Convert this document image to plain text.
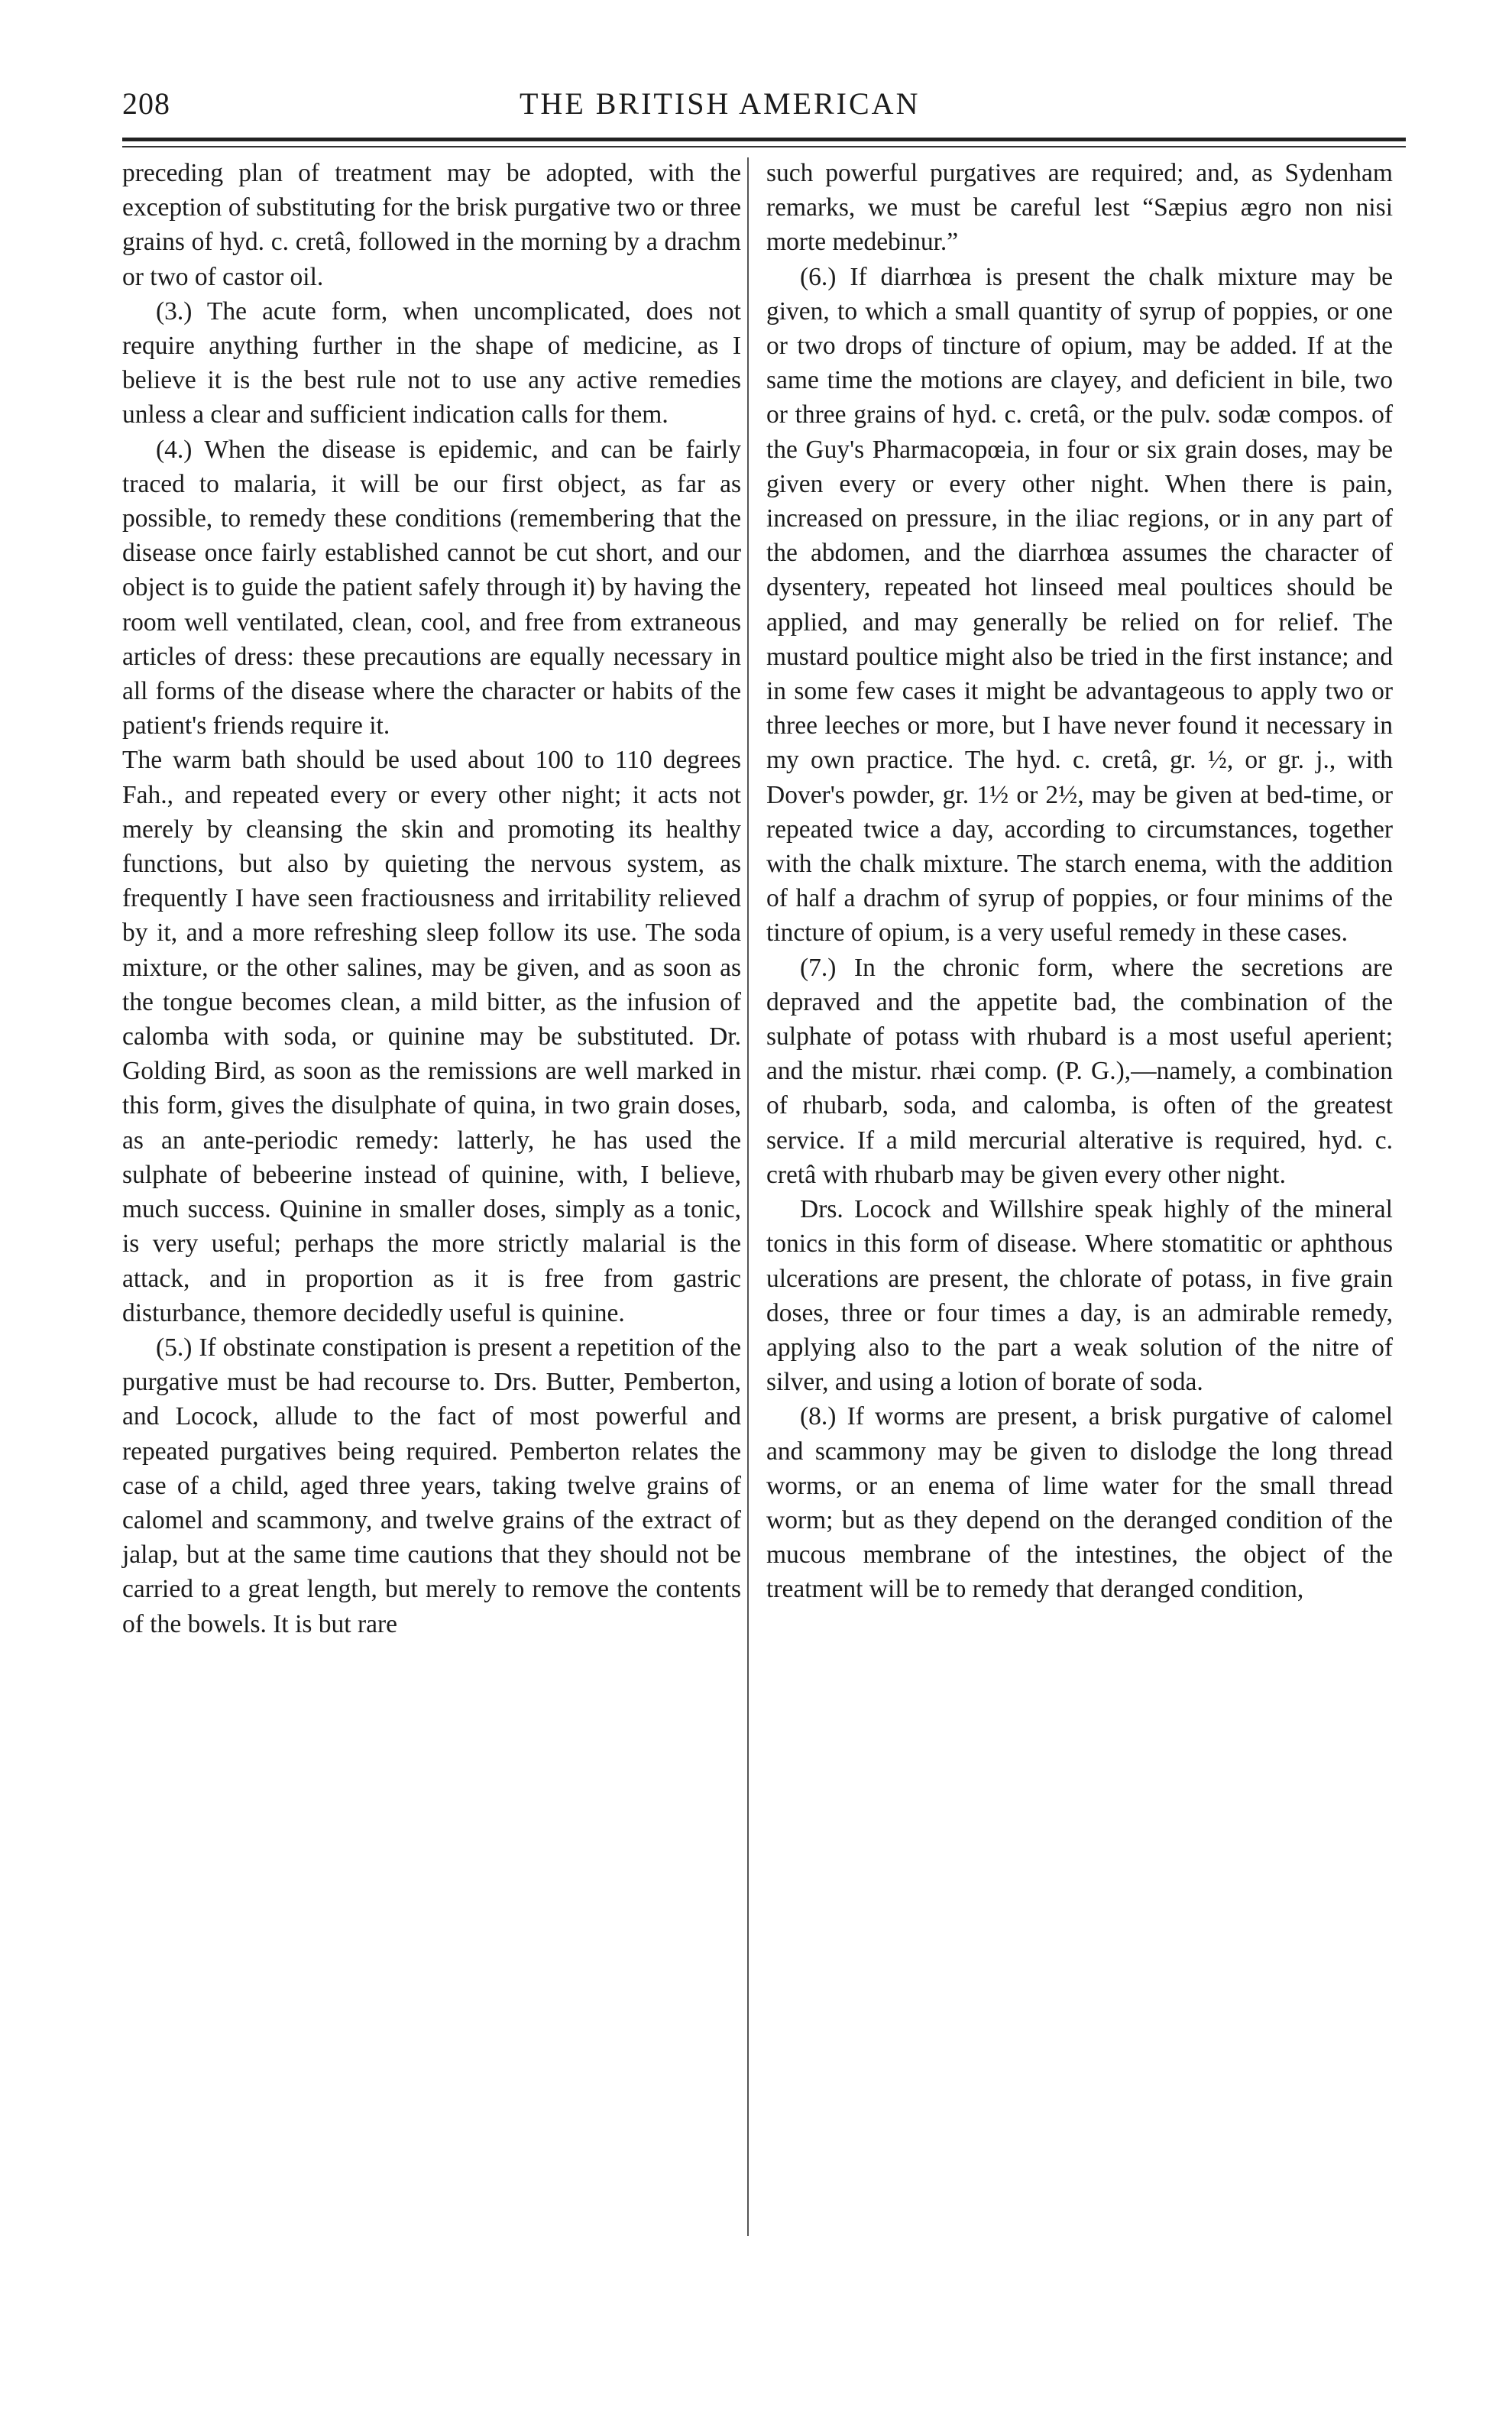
208	THE BRITISH AMERICAN

preceding plan of treatment may be adopted, with the exception of substituting for the brisk purgative two or three grains of hyd. c. cretâ, followed in the morning by a drachm or two of castor oil.

(3.) The acute form, when uncomplicated, does not require anything further in the shape of medicine, as I believe it is the best rule not to use any active remedies unless a clear and sufficient indication calls for them.

(4.) When the disease is epidemic, and can be fairly traced to malaria, it will be our first object, as far as possible, to remedy these conditions (remembering that the disease once fairly established cannot be cut short, and our object is to guide the patient safely through it) by having the room well ventilated, clean, cool, and free from extraneous articles of dress: these precautions are equally necessary in all forms of the disease where the character or habits of the patient's friends require it.

The warm bath should be used about 100 to 110 degrees Fah., and repeated every or every other night; it acts not merely by cleansing the skin and promoting its healthy functions, but also by quieting the nervous system, as frequently I have seen fractiousness and irritability relieved by it, and a more refreshing sleep follow its use. The soda mixture, or the other salines, may be given, and as soon as the tongue becomes clean, a mild bitter, as the infusion of calomba with soda, or quinine may be substituted. Dr. Golding Bird, as soon as the remissions are well marked in this form, gives the disulphate of quina, in two grain doses, as an ante-periodic remedy: latterly, he has used the sulphate of bebeerine instead of quinine, with, I believe, much success. Quinine in smaller doses, simply as a tonic, is very useful; perhaps the more strictly malarial is the attack, and in proportion as it is free from gastric disturbance, themore decidedly useful is quinine.

(5.) If obstinate constipation is present a repetition of the purgative must be had recourse to. Drs. Butter, Pemberton, and Locock, allude to the fact of most powerful and repeated purgatives being required. Pemberton relates the case of a child, aged three years, taking twelve grains of calomel and scammony, and twelve grains of the extract of jalap, but at the same time cautions that they should not be carried to a great length, but merely to remove the contents of the bowels. It is but rare

such powerful purgatives are required; and, as Sydenham remarks, we must be careful lest “Sæpius ægro non nisi morte medebinur.”

(6.) If diarrhœa is present the chalk mixture may be given, to which a small quantity of syrup of poppies, or one or two drops of tincture of opium, may be added. If at the same time the motions are clayey, and deficient in bile, two or three grains of hyd. c. cretâ, or the pulv. sodæ compos. of the Guy's Pharmacopœia, in four or six grain doses, may be given every or every other night. When there is pain, increased on pressure, in the iliac regions, or in any part of the abdomen, and the diarrhœa assumes the character of dysentery, repeated hot linseed meal poultices should be applied, and may generally be relied on for relief. The mustard poultice might also be tried in the first instance; and in some few cases it might be advantageous to apply two or three leeches or more, but I have never found it necessary in my own practice. The hyd. c. cretâ, gr. ½, or gr. j., with Dover's powder, gr. 1½ or 2½, may be given at bed-time, or repeated twice a day, according to circumstances, together with the chalk mixture. The starch enema, with the addition of half a drachm of syrup of poppies, or four minims of the tincture of opium, is a very useful remedy in these cases.

(7.) In the chronic form, where the secretions are depraved and the appetite bad, the combination of the sulphate of potass with rhubard is a most useful aperient; and the mistur. rhæi comp. (P. G.),—namely, a combination of rhubarb, soda, and calomba, is often of the greatest service. If a mild mercurial alterative is required, hyd. c. cretâ with rhubarb may be given every other night.

Drs. Locock and Willshire speak highly of the mineral tonics in this form of disease. Where stomatitic or aphthous ulcerations are present, the chlorate of potass, in five grain doses, three or four times a day, is an admirable remedy, applying also to the part a weak solution of the nitre of silver, and using a lotion of borate of soda.

(8.) If worms are present, a brisk purgative of calomel and scammony may be given to dislodge the long thread worms, or an enema of lime water for the small thread worm; but as they depend on the deranged condition of the mucous membrane of the intestines, the object of the treatment will be to remedy that deranged condition,
